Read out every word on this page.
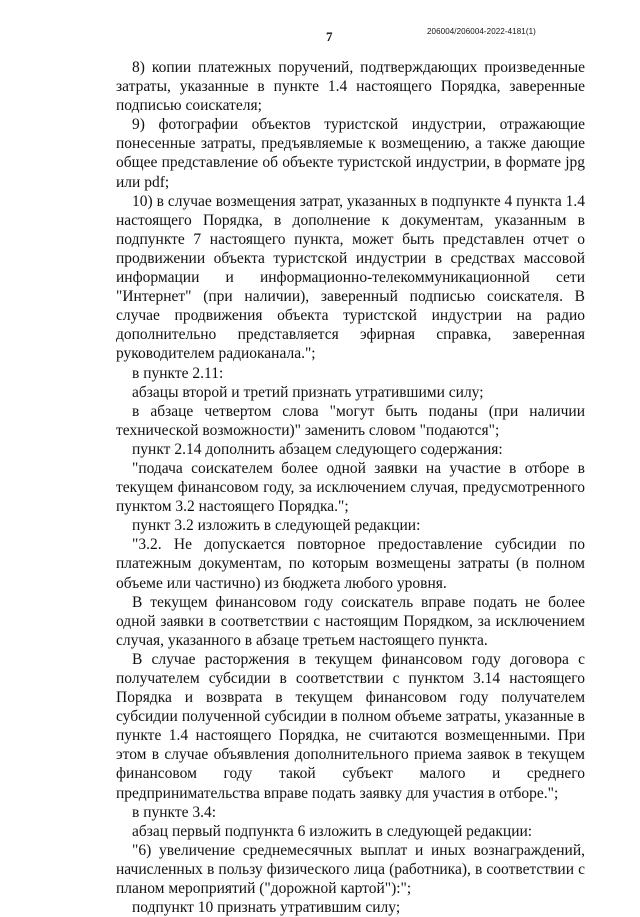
7	206004/206004-2022-4181(1)

8) копии платежных поручений, подтверждающих произведенные затраты, указанные в пункте 1.4 настоящего Порядка, заверенные подписью соискателя;

9) фотографии объектов туристской индустрии, отражающие понесенные затраты, предъявляемые к возмещению, а также дающие общее представление об объекте туристской индустрии, в формате jpg или pdf;

10) в случае возмещения затрат, указанных в подпункте 4 пункта 1.4 настоящего Порядка, в дополнение к документам, указанным в подпункте 7 настоящего пункта, может быть представлен отчет о продвижении объекта туристской индустрии в средствах массовой информации и информационно-телекоммуникационной сети "Интернет" (при наличии), заверенный подписью соискателя. В случае продвижения объекта туристской индустрии на радио дополнительно представляется эфирная справка, заверенная руководителем радиоканала.";

в пункте 2.11:

абзацы второй и третий признать утратившими силу;

в абзаце четвертом слова "могут быть поданы (при наличии технической возможности)" заменить словом "подаются";

пункт 2.14 дополнить абзацем следующего содержания:

"подача соискателем более одной заявки на участие в отборе в текущем финансовом году, за исключением случая, предусмотренного пунктом 3.2 настоящего Порядка.";

пункт 3.2 изложить в следующей редакции:

"3.2. Не допускается повторное предоставление субсидии по платежным документам, по которым возмещены затраты (в полном объеме или частично) из бюджета любого уровня.

В текущем финансовом году соискатель вправе подать не более одной заявки в соответствии с настоящим Порядком, за исключением случая, указанного в абзаце третьем настоящего пункта.

В случае расторжения в текущем финансовом году договора с получателем субсидии в соответствии с пунктом 3.14 настоящего Порядка и возврата в текущем финансовом году получателем субсидии полученной субсидии в полном объеме затраты, указанные в пункте 1.4 настоящего Порядка, не считаются возмещенными. При этом в случае объявления дополнительного приема заявок в текущем финансовом году такой субъект малого и среднего предпринимательства вправе подать заявку для участия в отборе.";

в пункте 3.4:

абзац первый подпункта 6 изложить в следующей редакции:

"6) увеличение среднемесячных выплат и иных вознаграждений, начисленных в пользу физического лица (работника), в соответствии с планом мероприятий ("дорожной картой"):";

подпункт 10 признать утратившим силу;
